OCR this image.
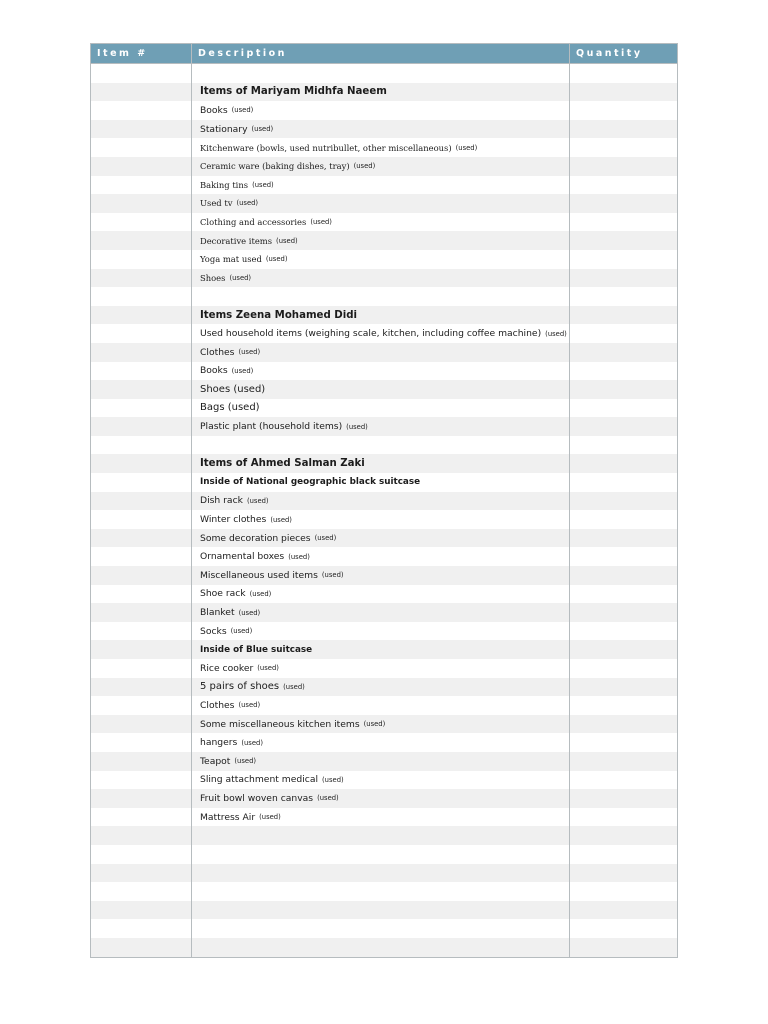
Item #	Description	Quantity
Items of Mariyam Midhfa Naeem
Books (used)
Stationary (used)
Kitchenware (bowls, used nutribullet, other miscellaneous) (used)
Ceramic ware (baking dishes, tray) (used)
Baking tins (used)
Used tv (used)
Clothing and accessories (used)
Decorative items (used)
Yoga mat used (used)
Shoes (used)
Items Zeena Mohamed Didi
Used household items (weighing scale, kitchen, including coffee machine) (used)
Clothes (used)
Books (used)
Shoes (used)
Bags (used)
Plastic plant (household items) (used)
Items of Ahmed Salman Zaki
Inside of National geographic black suitcase
Dish rack (used)
Winter clothes (used)
Some decoration pieces (used)
Ornamental boxes (used)
Miscellaneous used items (used)
Shoe rack (used)
Blanket (used)
Socks (used)
Inside of Blue suitcase
Rice cooker (used)
5 pairs of shoes (used)
Clothes (used)
Some miscellaneous kitchen items (used)
hangers (used)
Teapot (used)
Sling attachment medical (used)
Fruit bowl woven canvas (used)
Mattress Air (used)
